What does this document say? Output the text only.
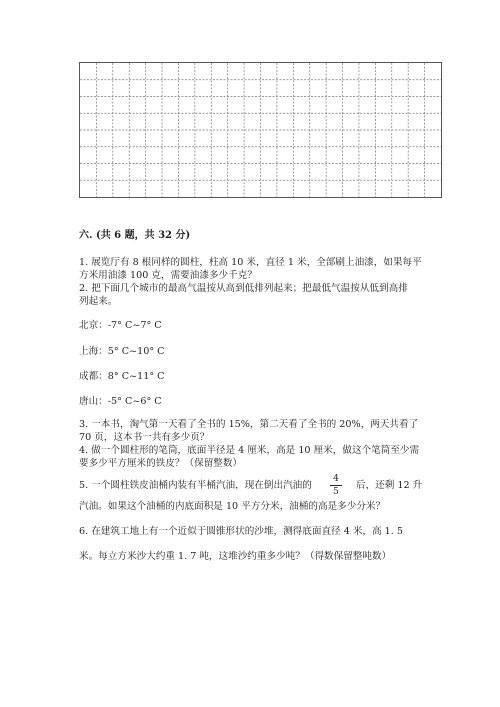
六. (共 6 题，共 32 分)
1. 展览厅有 8 根同样的圆柱，柱高 10 米，直径 1 米，全部刷上油漆，如果每平
方米用油漆 100 克，需要油漆多少千克？
2. 把下面几个城市的最高气温按从高到低排列起来；把最低气温按从低到高排
列起来。
北京：-7° C~7° C
上海：5° C~10° C
成都：8° C~11° C
唐山：-5° C~6° C
3. 一本书，淘气第一天看了全书的 15%，第二天看了全书的 20%，两天共看了
70 页，这本书一共有多少页？
4. 做一个圆柱形的笔筒，底面半径是 4 厘米，高是 10 厘米，做这个笔筒至少需
要多少平方厘米的铁皮？（保留整数）
5. 一个圆柱铁皮油桶内装有半桶汽油，现在倒出汽油的
4
5
后，还剩 12 升
汽油。如果这个油桶的内底面积是 10 平方分米，油桶的高是多少分米？
6. 在建筑工地上有一个近似于圆锥形状的沙堆，测得底面直径 4 米，高 1. 5
米。每立方米沙大约重 1. 7 吨，这堆沙约重多少吨？（得数保留整吨数）
